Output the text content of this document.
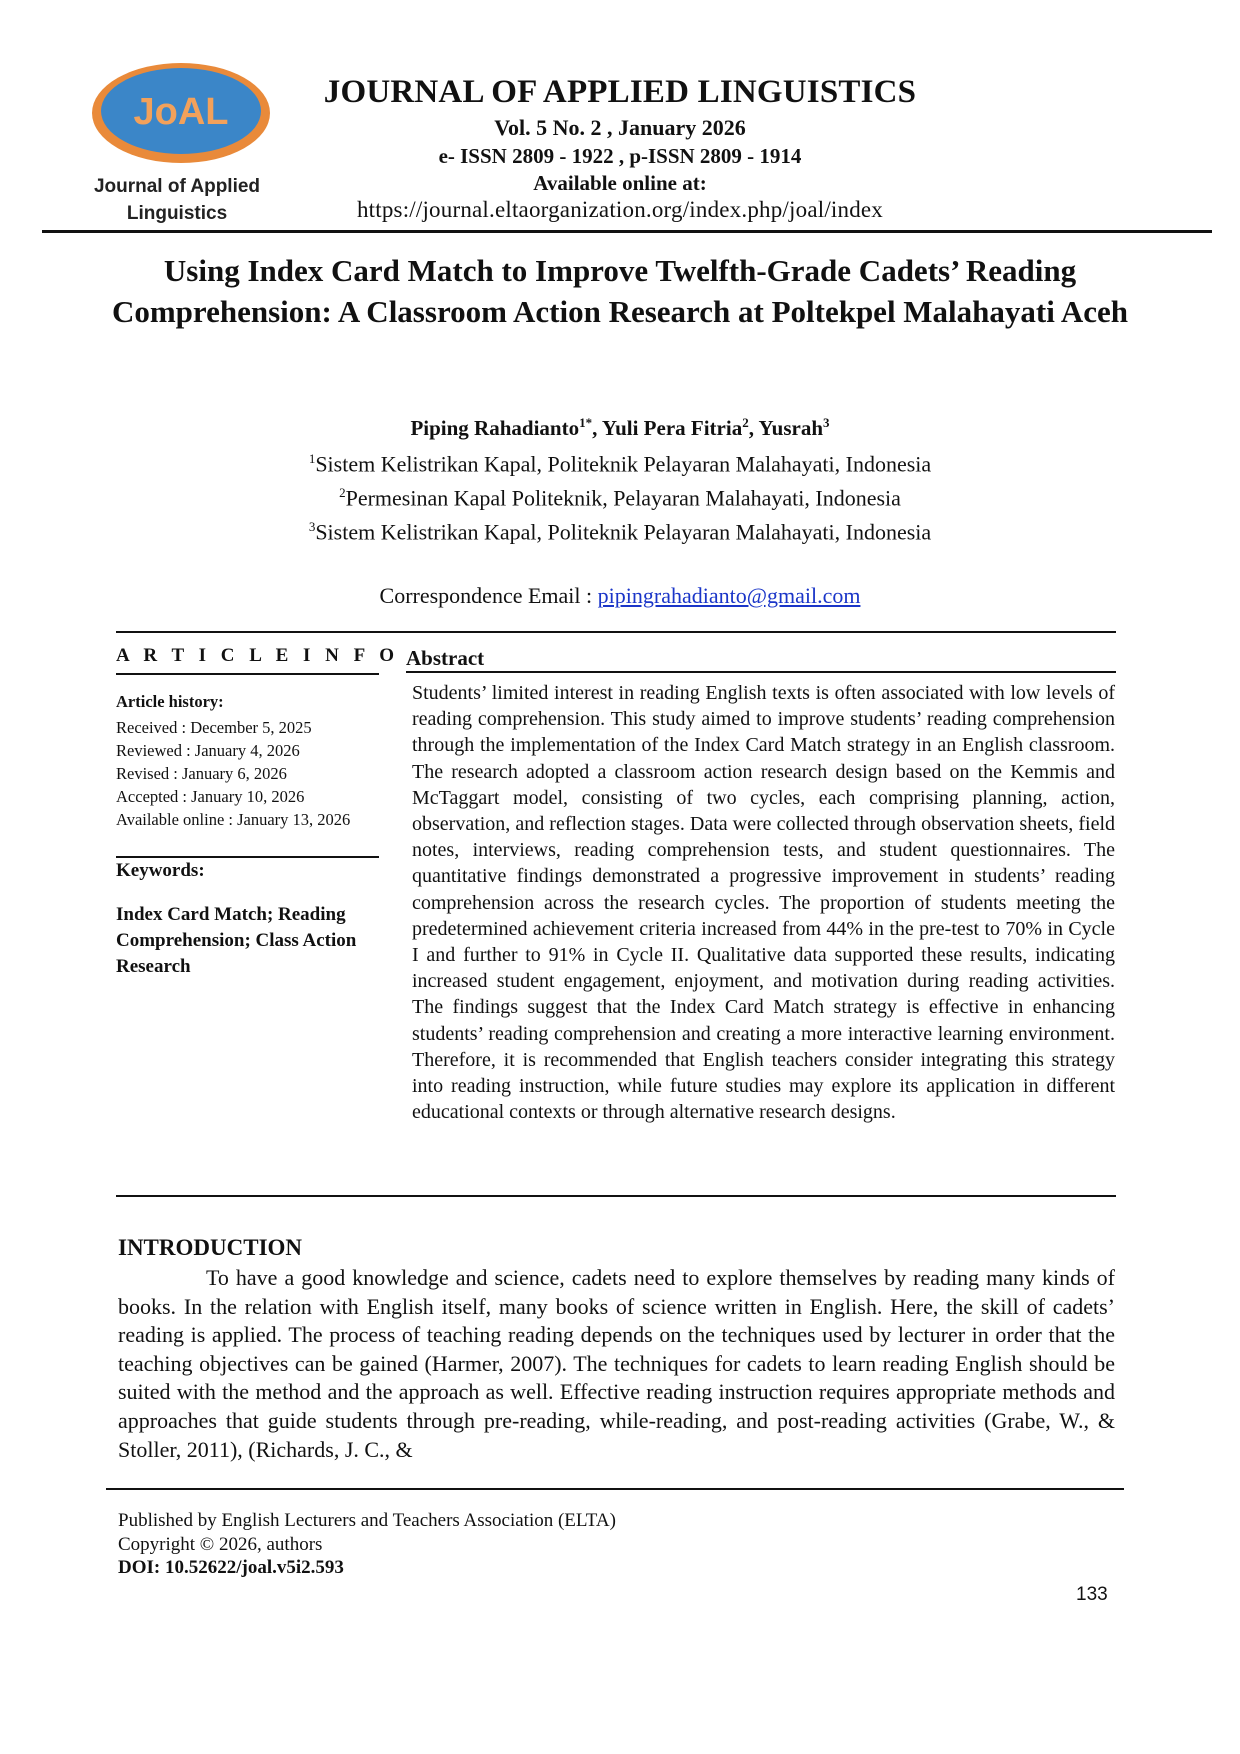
JoAL
Journal of Applied
Linguistics
JOURNAL OF APPLIED LINGUISTICS
Vol. 5 No. 2 , January 2026
e- ISSN 2809 - 1922 , p-ISSN 2809 - 1914
Available online at:
https://journal.eltaorganization.org/index.php/joal/index
Using Index Card Match to Improve Twelfth-Grade Cadets’ Reading Comprehension: A Classroom Action Research at Poltekpel Malahayati Aceh
Piping Rahadianto$^{1*}$, Yuli Pera Fitria$^2$, Yusrah$^3$
$^1$Sistem Kelistrikan Kapal, Politeknik Pelayaran Malahayati, Indonesia
$^2$Permesinan Kapal Politeknik, Pelayaran Malahayati, Indonesia
$^3$Sistem Kelistrikan Kapal, Politeknik Pelayaran Malahayati, Indonesia
Correspondence Email : pipingrahadianto@gmail.com
A R T I C L E I N F O
Article history:
Received : December 5, 2025
Reviewed : January 4, 2026
Revised : January 6, 2026
Accepted : January 10, 2026
Available online : January 13, 2026
Keywords:
Index Card Match; Reading Comprehension; Class Action Research
Abstract
Students’ limited interest in reading English texts is often associated with low levels of reading comprehension. This study aimed to improve students’ reading comprehension through the implementation of the Index Card Match strategy in an English classroom. The research adopted a classroom action research design based on the Kemmis and McTaggart model, consisting of two cycles, each comprising planning, action, observation, and reflection stages. Data were collected through observation sheets, field notes, interviews, reading comprehension tests, and student questionnaires. The quantitative findings demonstrated a progressive improvement in students’ reading comprehension across the research cycles. The proportion of students meeting the predetermined achievement criteria increased from 44% in the pre-test to 70% in Cycle I and further to 91% in Cycle II. Qualitative data supported these results, indicating increased student engagement, enjoyment, and motivation during reading activities. The findings suggest that the Index Card Match strategy is effective in enhancing students’ reading comprehension and creating a more interactive learning environment. Therefore, it is recommended that English teachers consider integrating this strategy into reading instruction, while future studies may explore its application in different educational contexts or through alternative research designs.
INTRODUCTION
To have a good knowledge and science, cadets need to explore themselves by reading many kinds of books. In the relation with English itself, many books of science written in English. Here, the skill of cadets’ reading is applied. The process of teaching reading depends on the techniques used by lecturer in order that the teaching objectives can be gained (Harmer, 2007). The techniques for cadets to learn reading English should be suited with the method and the approach as well. Effective reading instruction requires appropriate methods and approaches that guide students through pre-reading, while-reading, and post-reading activities (Grabe, W., & Stoller, 2011), (Richards, J. C., &
Published by English Lecturers and Teachers Association (ELTA)
Copyright © 2026, authors
DOI: 10.52622/joal.v5i2.593
133
